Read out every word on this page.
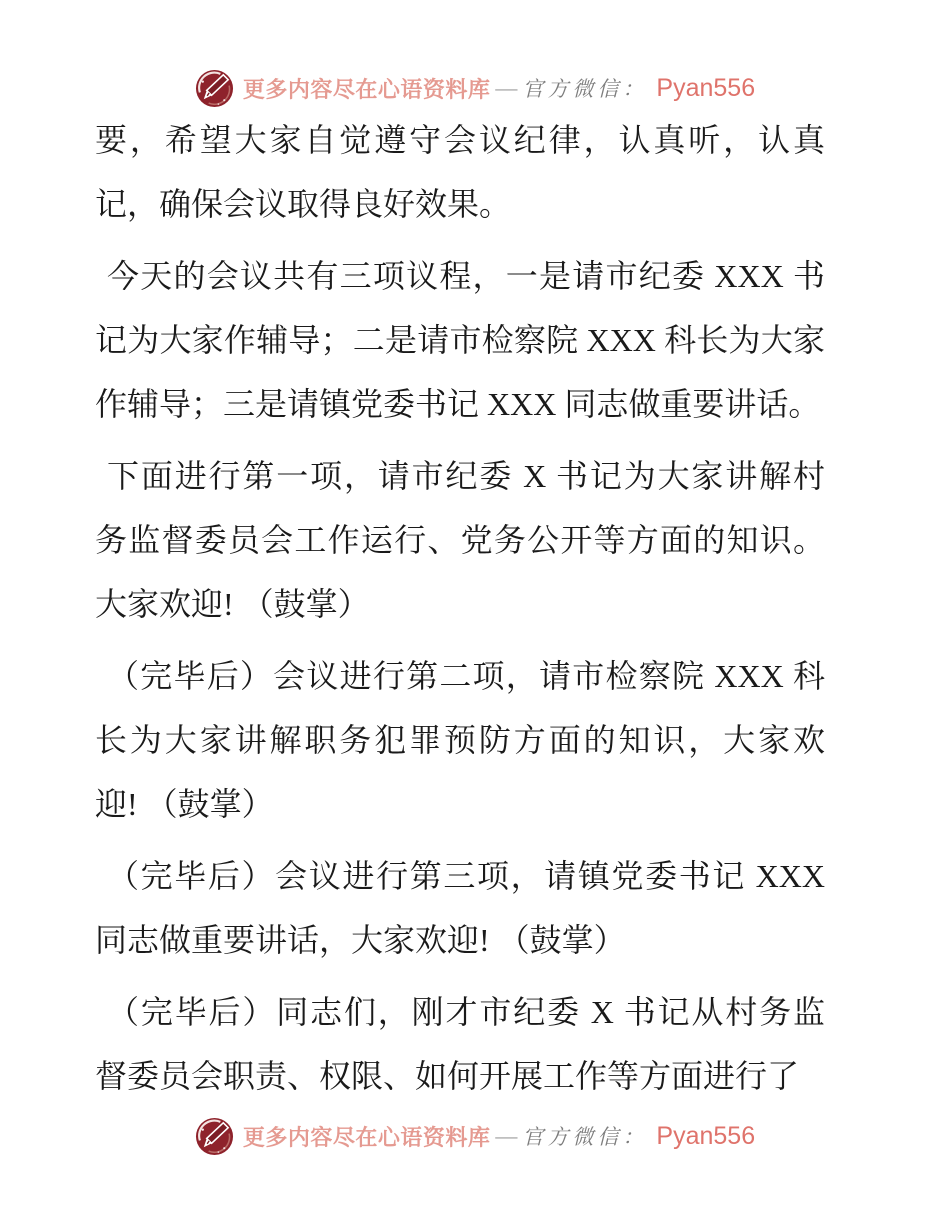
更多内容尽在心语资料库 — 官方微信： Pyan556
要，希望大家自觉遵守会议纪律，认真听，认真
记，确保会议取得良好效果。
今天的会议共有三项议程，一是请市纪委 XXX 书
记为大家作辅导；二是请市检察院 XXX 科长为大家
作辅导；三是请镇党委书记 XXX 同志做重要讲话。
下面进行第一项，请市纪委 X 书记为大家讲解村
务监督委员会工作运行、党务公开等方面的知识。
大家欢迎! （鼓掌）
（完毕后）会议进行第二项，请市检察院 XXX 科
长为大家讲解职务犯罪预防方面的知识，大家欢
迎! （鼓掌）
（完毕后）会议进行第三项，请镇党委书记 XXX
同志做重要讲话，大家欢迎! （鼓掌）
（完毕后）同志们，刚才市纪委 X 书记从村务监
督委员会职责、权限、如何开展工作等方面进行了
更多内容尽在心语资料库 — 官方微信： Pyan556
